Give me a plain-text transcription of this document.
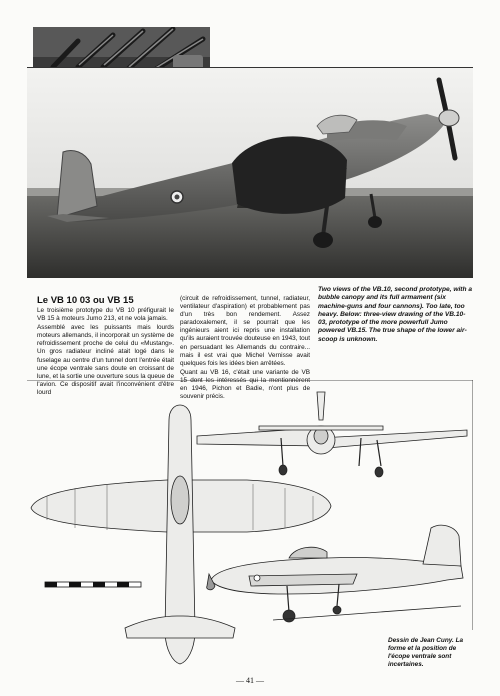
Le VB 10 03 ou VB 15

Le troisième prototype du VB 10 préfigurait le VB 15 à moteurs Jumo 213, et ne vola jamais.

Assemblé avec les puissants mais lourds moteurs allemands, il incorporait un système de refroidissement proche de celui du «Mustang». Un gros radiateur incliné atait logé dans le fuselage au centre d'un tunnel dont l'entrée était une écope ventrale sans doute en croissant de lune, et la sortie une ouverture sous la queue de l'avion. Ce dispositif avait l'inconvénient d'être lourd

(circuit de refroidissement, tunnel, radiateur, ventilateur d'aspiration) et probablement pas d'un très bon rendement. Assez paradoxalement, il se pourrait que les ingénieurs aient ici repris une installation qu'ils auraient trouvée douteuse en 1943, tout en persuadant les Allemands du contraire... mais il est vrai que Michel Vernisse avait quelques fois les idées bien arrêtées.

Quant au VB 16, c'était une variante de VB 15 dont les intéressés qui la mentionnèrent en 1946, Pichon et Badie, n'ont plus de souvenir précis.

Two views of the VB.10, second prototype, with a bubble canopy and its full armament (six machine-guns and four cannons). Too late, too heavy. Below: three-view drawing of the VB.10-03, prototype of the more powerfull Jumo powered VB.15. The true shape of the lower air-scoop is unknown.
Dessin de Jean Cuny. La forme et la position de l'écope ventrale sont incertaines.
— 41 —
